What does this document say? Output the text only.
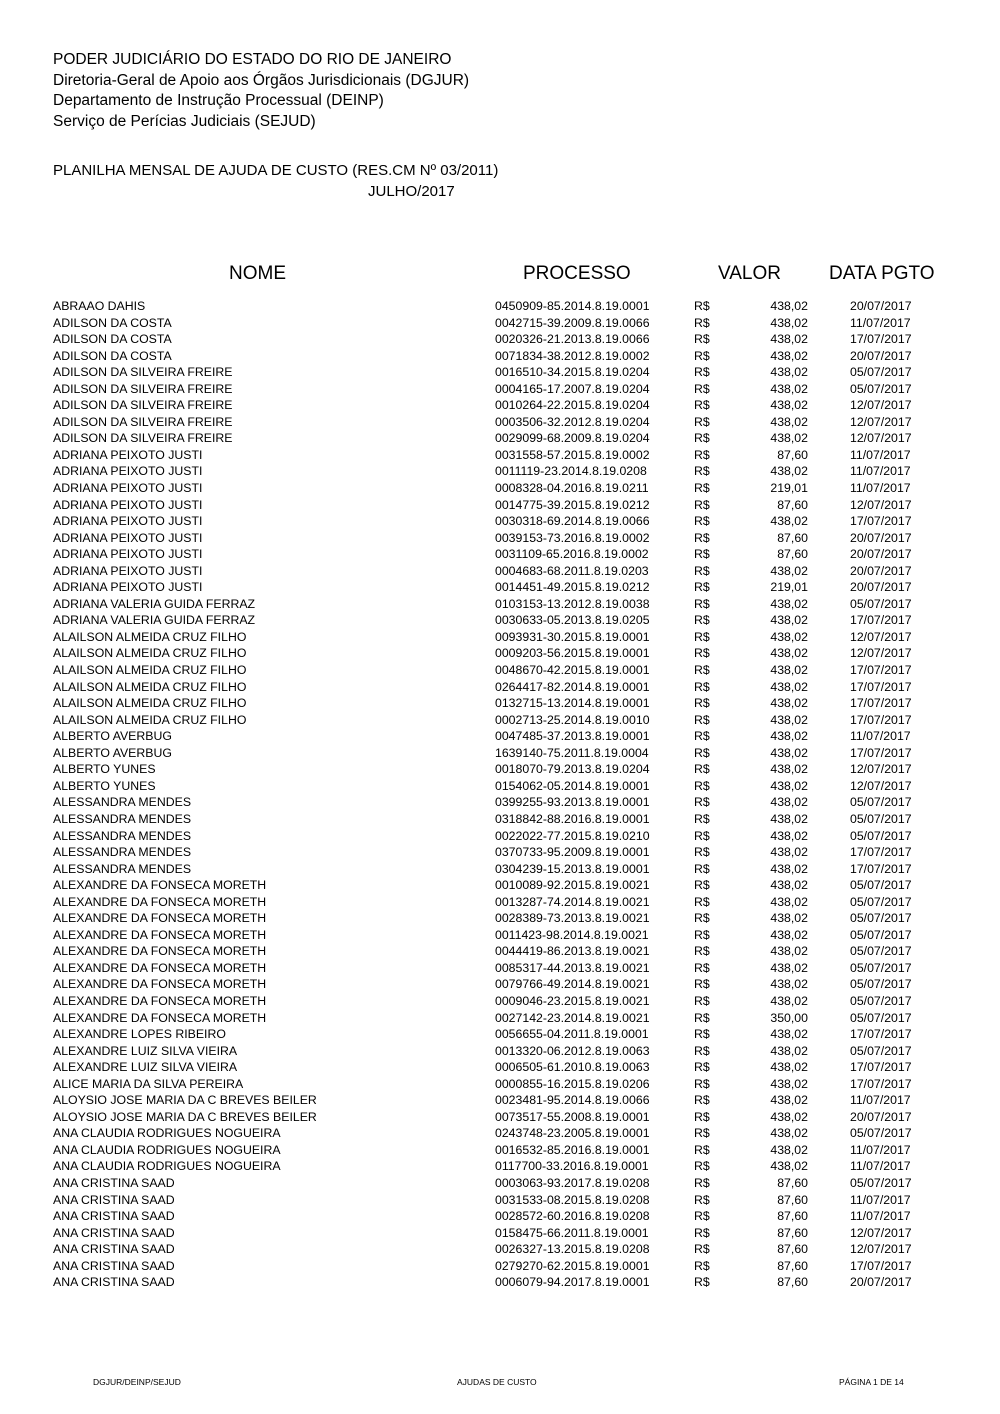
PODER JUDICIÁRIO DO ESTADO DO RIO DE JANEIRO
Diretoria-Geral de Apoio aos Órgãos Jurisdicionais (DGJUR)
Departamento de Instrução Processual (DEINP)
Serviço de Perícias Judiciais (SEJUD)
PLANILHA MENSAL DE AJUDA DE CUSTO (RES.CM Nº 03/2011)
JULHO/2017
NOME	PROCESSO	VALOR	DATA PGTO
ABRAAO DAHIS	0450909-85.2014.8.19.0001	R$	438,02	20/07/2017
ADILSON DA COSTA	0042715-39.2009.8.19.0066	R$	438,02	11/07/2017
ADILSON DA COSTA	0020326-21.2013.8.19.0066	R$	438,02	17/07/2017
ADILSON DA COSTA	0071834-38.2012.8.19.0002	R$	438,02	20/07/2017
ADILSON DA SILVEIRA FREIRE	0016510-34.2015.8.19.0204	R$	438,02	05/07/2017
ADILSON DA SILVEIRA FREIRE	0004165-17.2007.8.19.0204	R$	438,02	05/07/2017
ADILSON DA SILVEIRA FREIRE	0010264-22.2015.8.19.0204	R$	438,02	12/07/2017
ADILSON DA SILVEIRA FREIRE	0003506-32.2012.8.19.0204	R$	438,02	12/07/2017
ADILSON DA SILVEIRA FREIRE	0029099-68.2009.8.19.0204	R$	438,02	12/07/2017
ADRIANA PEIXOTO JUSTI	0031558-57.2015.8.19.0002	R$	87,60	11/07/2017
ADRIANA PEIXOTO JUSTI	0011119-23.2014.8.19.0208	R$	438,02	11/07/2017
ADRIANA PEIXOTO JUSTI	0008328-04.2016.8.19.0211	R$	219,01	11/07/2017
ADRIANA PEIXOTO JUSTI	0014775-39.2015.8.19.0212	R$	87,60	12/07/2017
ADRIANA PEIXOTO JUSTI	0030318-69.2014.8.19.0066	R$	438,02	17/07/2017
ADRIANA PEIXOTO JUSTI	0039153-73.2016.8.19.0002	R$	87,60	20/07/2017
ADRIANA PEIXOTO JUSTI	0031109-65.2016.8.19.0002	R$	87,60	20/07/2017
ADRIANA PEIXOTO JUSTI	0004683-68.2011.8.19.0203	R$	438,02	20/07/2017
ADRIANA PEIXOTO JUSTI	0014451-49.2015.8.19.0212	R$	219,01	20/07/2017
ADRIANA VALERIA GUIDA FERRAZ	0103153-13.2012.8.19.0038	R$	438,02	05/07/2017
ADRIANA VALERIA GUIDA FERRAZ	0030633-05.2013.8.19.0205	R$	438,02	17/07/2017
ALAILSON ALMEIDA CRUZ FILHO	0093931-30.2015.8.19.0001	R$	438,02	12/07/2017
ALAILSON ALMEIDA CRUZ FILHO	0009203-56.2015.8.19.0001	R$	438,02	12/07/2017
ALAILSON ALMEIDA CRUZ FILHO	0048670-42.2015.8.19.0001	R$	438,02	17/07/2017
ALAILSON ALMEIDA CRUZ FILHO	0264417-82.2014.8.19.0001	R$	438,02	17/07/2017
ALAILSON ALMEIDA CRUZ FILHO	0132715-13.2014.8.19.0001	R$	438,02	17/07/2017
ALAILSON ALMEIDA CRUZ FILHO	0002713-25.2014.8.19.0010	R$	438,02	17/07/2017
ALBERTO AVERBUG	0047485-37.2013.8.19.0001	R$	438,02	11/07/2017
ALBERTO AVERBUG	1639140-75.2011.8.19.0004	R$	438,02	17/07/2017
ALBERTO YUNES	0018070-79.2013.8.19.0204	R$	438,02	12/07/2017
ALBERTO YUNES	0154062-05.2014.8.19.0001	R$	438,02	12/07/2017
ALESSANDRA MENDES	0399255-93.2013.8.19.0001	R$	438,02	05/07/2017
ALESSANDRA MENDES	0318842-88.2016.8.19.0001	R$	438,02	05/07/2017
ALESSANDRA MENDES	0022022-77.2015.8.19.0210	R$	438,02	05/07/2017
ALESSANDRA MENDES	0370733-95.2009.8.19.0001	R$	438,02	17/07/2017
ALESSANDRA MENDES	0304239-15.2013.8.19.0001	R$	438,02	17/07/2017
ALEXANDRE DA FONSECA MORETH	0010089-92.2015.8.19.0021	R$	438,02	05/07/2017
ALEXANDRE DA FONSECA MORETH	0013287-74.2014.8.19.0021	R$	438,02	05/07/2017
ALEXANDRE DA FONSECA MORETH	0028389-73.2013.8.19.0021	R$	438,02	05/07/2017
ALEXANDRE DA FONSECA MORETH	0011423-98.2014.8.19.0021	R$	438,02	05/07/2017
ALEXANDRE DA FONSECA MORETH	0044419-86.2013.8.19.0021	R$	438,02	05/07/2017
ALEXANDRE DA FONSECA MORETH	0085317-44.2013.8.19.0021	R$	438,02	05/07/2017
ALEXANDRE DA FONSECA MORETH	0079766-49.2014.8.19.0021	R$	438,02	05/07/2017
ALEXANDRE DA FONSECA MORETH	0009046-23.2015.8.19.0021	R$	438,02	05/07/2017
ALEXANDRE DA FONSECA MORETH	0027142-23.2014.8.19.0021	R$	350,00	05/07/2017
ALEXANDRE LOPES RIBEIRO	0056655-04.2011.8.19.0001	R$	438,02	17/07/2017
ALEXANDRE LUIZ SILVA VIEIRA	0013320-06.2012.8.19.0063	R$	438,02	05/07/2017
ALEXANDRE LUIZ SILVA VIEIRA	0006505-61.2010.8.19.0063	R$	438,02	17/07/2017
ALICE MARIA DA SILVA PEREIRA	0000855-16.2015.8.19.0206	R$	438,02	17/07/2017
ALOYSIO JOSE MARIA DA C BREVES BEILER	0023481-95.2014.8.19.0066	R$	438,02	11/07/2017
ALOYSIO JOSE MARIA DA C BREVES BEILER	0073517-55.2008.8.19.0001	R$	438,02	20/07/2017
ANA CLAUDIA RODRIGUES NOGUEIRA	0243748-23.2005.8.19.0001	R$	438,02	05/07/2017
ANA CLAUDIA RODRIGUES NOGUEIRA	0016532-85.2016.8.19.0001	R$	438,02	11/07/2017
ANA CLAUDIA RODRIGUES NOGUEIRA	0117700-33.2016.8.19.0001	R$	438,02	11/07/2017
ANA CRISTINA SAAD	0003063-93.2017.8.19.0208	R$	87,60	05/07/2017
ANA CRISTINA SAAD	0031533-08.2015.8.19.0208	R$	87,60	11/07/2017
ANA CRISTINA SAAD	0028572-60.2016.8.19.0208	R$	87,60	11/07/2017
ANA CRISTINA SAAD	0158475-66.2011.8.19.0001	R$	87,60	12/07/2017
ANA CRISTINA SAAD	0026327-13.2015.8.19.0208	R$	87,60	12/07/2017
ANA CRISTINA SAAD	0279270-62.2015.8.19.0001	R$	87,60	17/07/2017
ANA CRISTINA SAAD	0006079-94.2017.8.19.0001	R$	87,60	20/07/2017
DGJUR/DEINP/SEJUD	AJUDAS DE CUSTO	PÁGINA 1 DE 14
